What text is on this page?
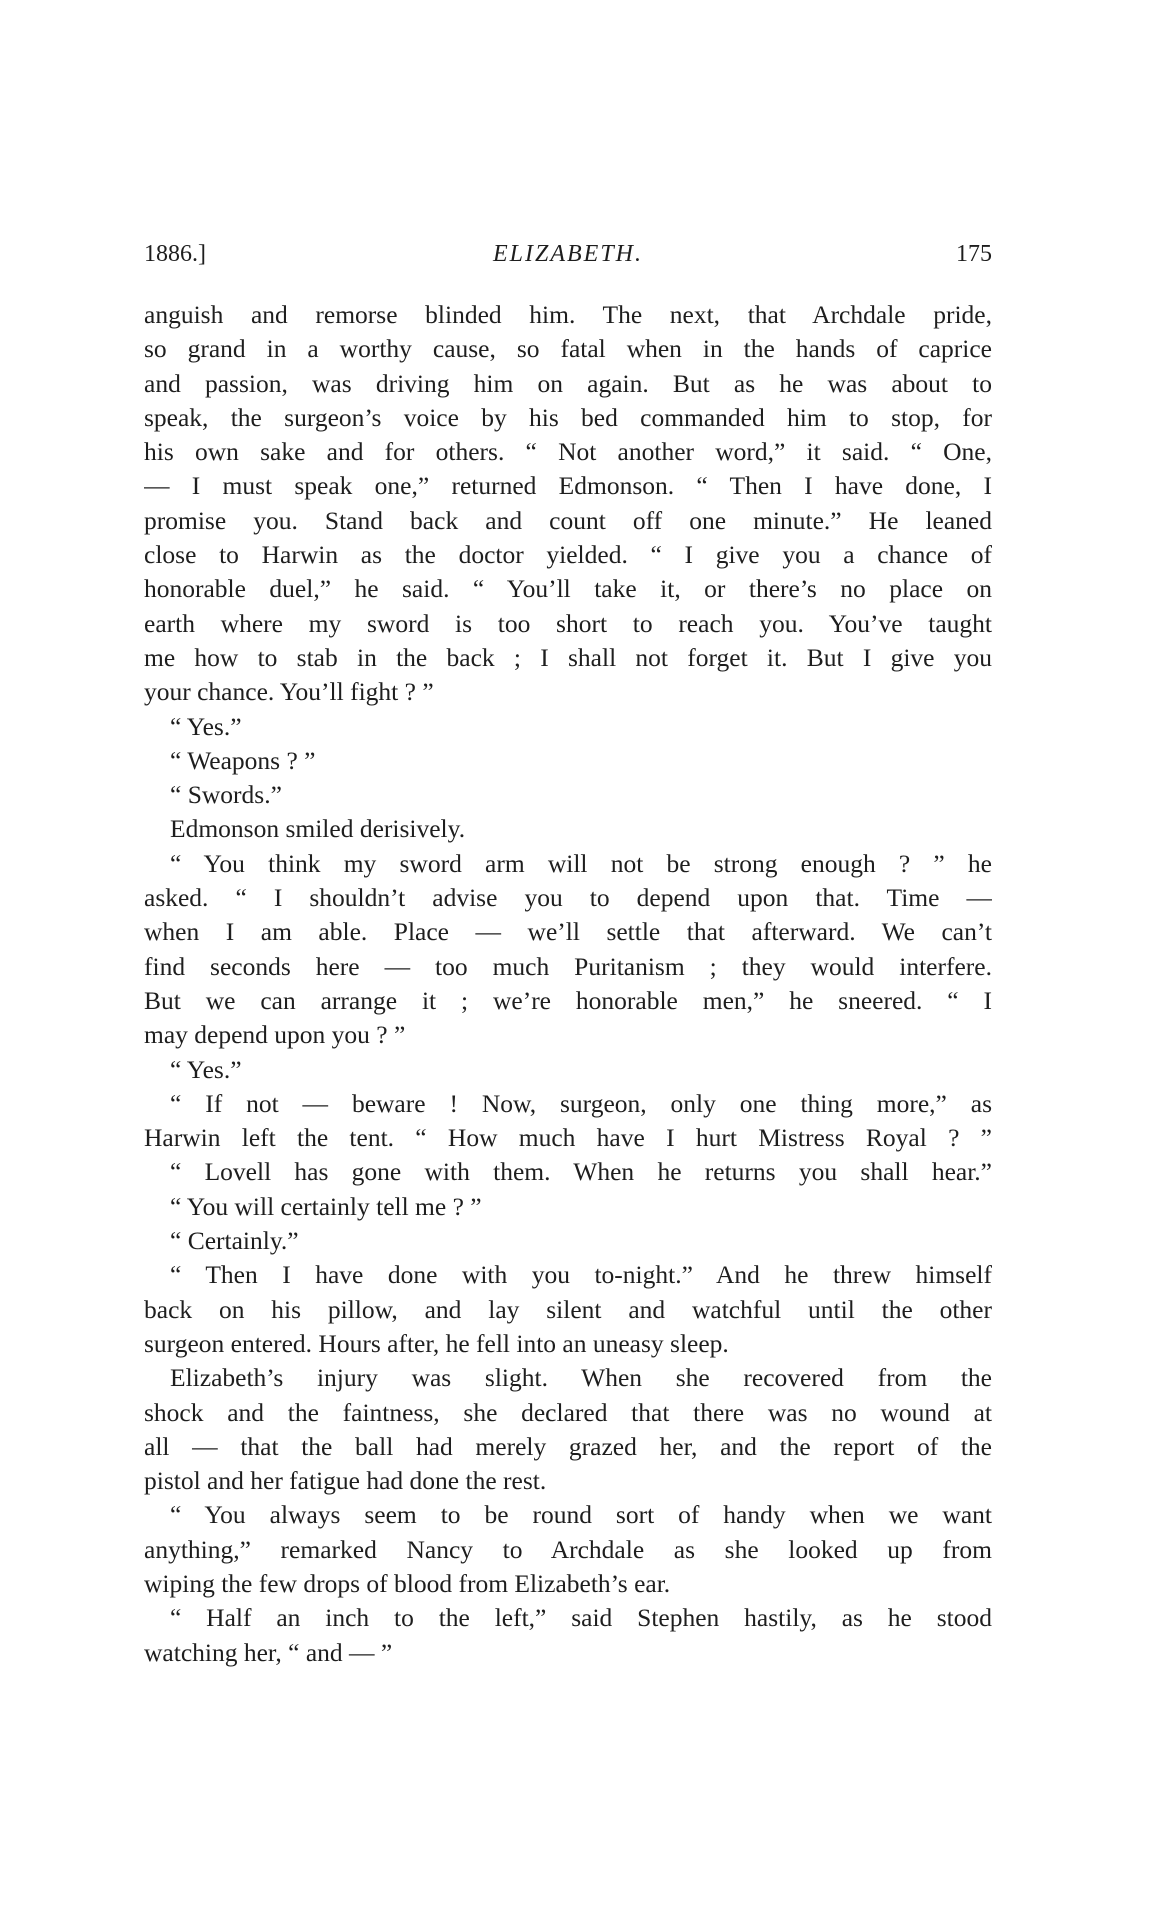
1886.]	ELIZABETH.	175
anguish and remorse blinded him. The next, that Archdale pride,
so grand in a worthy cause, so fatal when in the hands of caprice
and passion, was driving him on again. But as he was about to
speak, the surgeon’s voice by his bed commanded him to stop, for
his own sake and for others. “ Not another word,” it said. “ One,
— I must speak one,” returned Edmonson. “ Then I have done, I
promise you. Stand back and count off one minute.” He leaned
close to Harwin as the doctor yielded. “ I give you a chance of
honorable duel,” he said. “ You’ll take it, or there’s no place on
earth where my sword is too short to reach you. You’ve taught
me how to stab in the back ; I shall not forget it. But I give you
your chance. You’ll fight ? ”
“ Yes.”
“ Weapons ? ”
“ Swords.”
Edmonson smiled derisively.
“ You think my sword arm will not be strong enough ? ” he
asked. “ I shouldn’t advise you to depend upon that. Time —
when I am able. Place — we’ll settle that afterward. We can’t
find seconds here — too much Puritanism ; they would interfere.
But we can arrange it ; we’re honorable men,” he sneered. “ I
may depend upon you ? ”
“ Yes.”
“ If not — beware ! Now, surgeon, only one thing more,” as
Harwin left the tent. “ How much have I hurt Mistress Royal ? ”
“ Lovell has gone with them. When he returns you shall hear.”
“ You will certainly tell me ? ”
“ Certainly.”
“ Then I have done with you to-night.” And he threw himself
back on his pillow, and lay silent and watchful until the other
surgeon entered. Hours after, he fell into an uneasy sleep.
Elizabeth’s injury was slight. When she recovered from the
shock and the faintness, she declared that there was no wound at
all — that the ball had merely grazed her, and the report of the
pistol and her fatigue had done the rest.
“ You always seem to be round sort of handy when we want
anything,” remarked Nancy to Archdale as she looked up from
wiping the few drops of blood from Elizabeth’s ear.
“ Half an inch to the left,” said Stephen hastily, as he stood
watching her, “ and — ”
